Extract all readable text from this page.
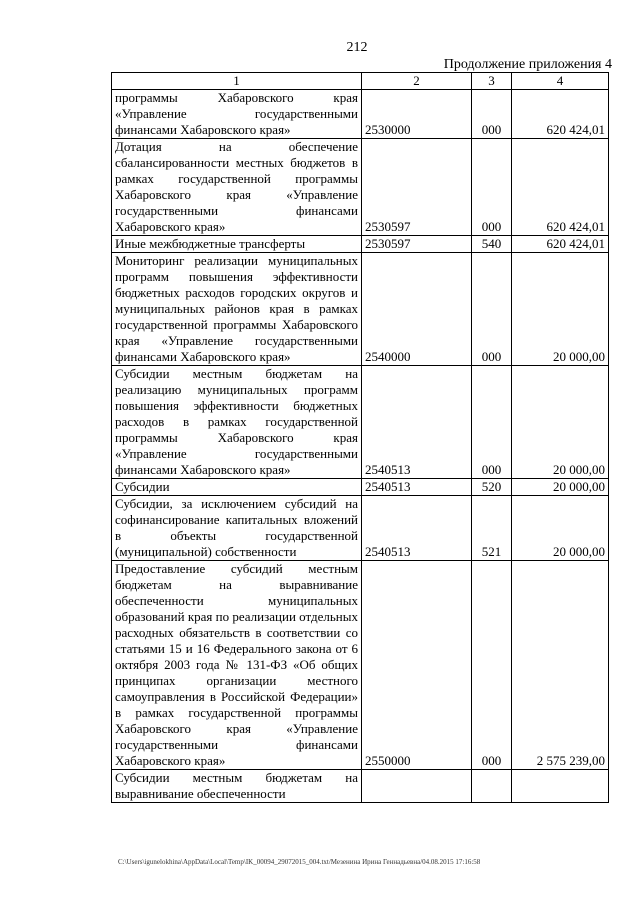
212
Продолжение приложения 4
1	2	3	4
программы Хабаровского края «Управление государственными финансами Хабаровского края»	2530000	000	620 424,01
Дотация на обеспечение сбалансированности местных бюджетов в рамках государственной программы Хабаровского края «Управление государственными финансами Хабаровского края»	2530597	000	620 424,01
Иные межбюджетные трансферты	2530597	540	620 424,01
Мониторинг реализации муниципальных программ повышения эффективности бюджетных расходов городских округов и муниципальных районов края в рамках государственной программы Хабаровского края «Управление государственными финансами Хабаровского края»	2540000	000	20 000,00
Субсидии местным бюджетам на реализацию муниципальных программ повышения эффективности бюджетных расходов в рамках государственной программы Хабаровского края «Управление государственными финансами Хабаровского края»	2540513	000	20 000,00
Субсидии	2540513	520	20 000,00
Субсидии, за исключением субсидий на софинансирование капитальных вложений в объекты государственной (муниципальной) собственности	2540513	521	20 000,00
Предоставление субсидий местным бюджетам на выравнивание обеспеченности муниципальных образований края по реализации отдельных расходных обязательств в соответствии со статьями 15 и 16 Федерального закона от 6 октября 2003 года № 131-ФЗ «Об общих принципах организации местного самоуправления в Российской Федерации» в рамках государственной программы Хабаровского края «Управление государственными финансами Хабаровского края»	2550000	000	2 575 239,00
Субсидии местным бюджетам на выравнивание обеспеченности			
C:\Users\igunelokhina\AppData\Local\Temp\IK_00094_29072015_004.txt/Мезенина Ирина Геннадьевна/04.08.2015 17:16:58
